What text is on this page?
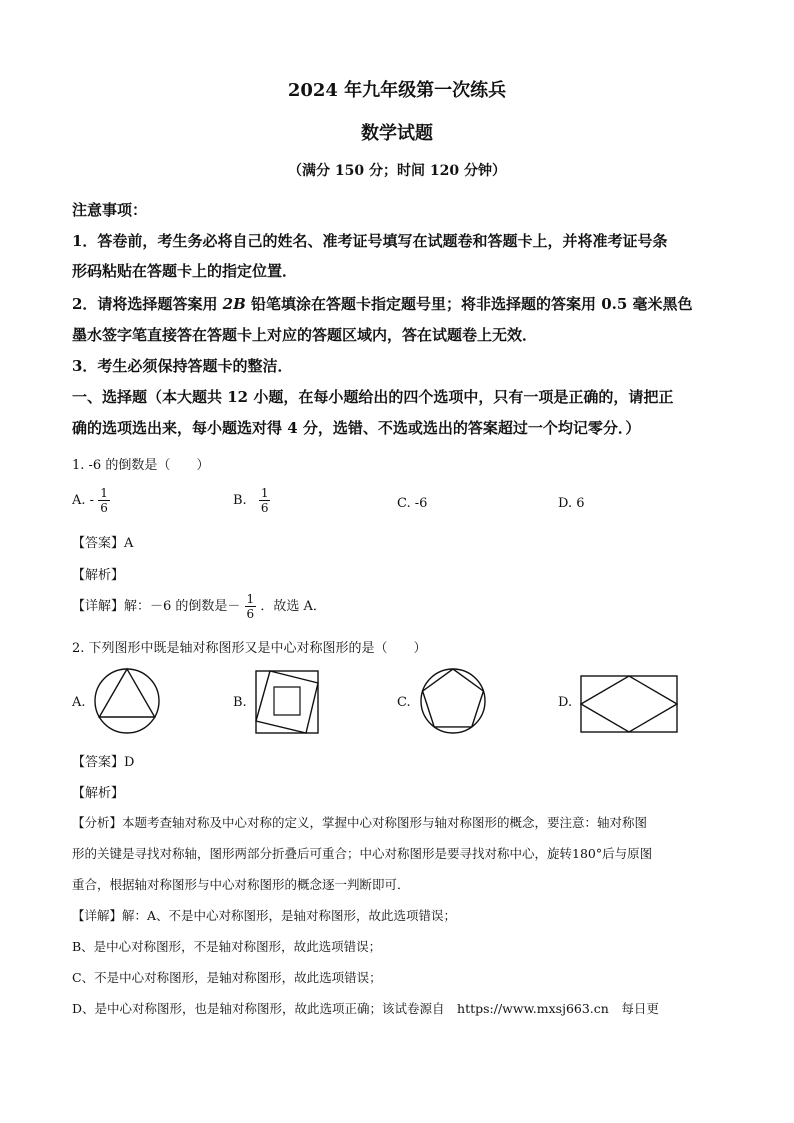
2024 年九年级第一次练兵
数学试题
（满分 150 分；时间 120 分钟）
注意事项：
1．答卷前，考生务必将自己的姓名、准考证号填写在试题卷和答题卡上，并将准考证号条
形码粘贴在答题卡上的指定位置．
2．请将选择题答案用 2B 铅笔填涂在答题卡指定题号里；将非选择题的答案用 0.5 毫米黑色
墨水签字笔直接答在答题卡上对应的答题区域内，答在试题卷上无效．
3．考生必须保持答题卡的整洁．
一、选择题（本大题共 12 小题，在每小题给出的四个选项中，只有一项是正确的，请把正
确的选项选出来，每小题选对得 4 分，选错、不选或选出的答案超过一个均记零分．）
1. -6 的倒数是（　　）
A. - $\frac{1}{6}$	B. $\frac{1}{6}$	C. -6	D. 6
【答案】A
【解析】
【详解】解：－6 的倒数是－ $\frac{1}{6}$ ．故选 A．
2. 下列图形中既是轴对称图形又是中心对称图形的是（　　）
A.	B.	C.	D.
【答案】D
【解析】
【分析】本题考查轴对称及中心对称的定义，掌握中心对称图形与轴对称图形的概念，要注意：轴对称图
形的关键是寻找对称轴，图形两部分折叠后可重合；中心对称图形是要寻找对称中心，旋转180°后与原图
重合，根据轴对称图形与中心对称图形的概念逐一判断即可．
【详解】解：A、不是中心对称图形，是轴对称图形，故此选项错误；
B、是中心对称图形，不是轴对称图形，故此选项错误；
C、不是中心对称图形，是轴对称图形，故此选项错误；
D、是中心对称图形，也是轴对称图形，故此选项正确；该试卷源自　https://www.mxsj663.cn　每日更
